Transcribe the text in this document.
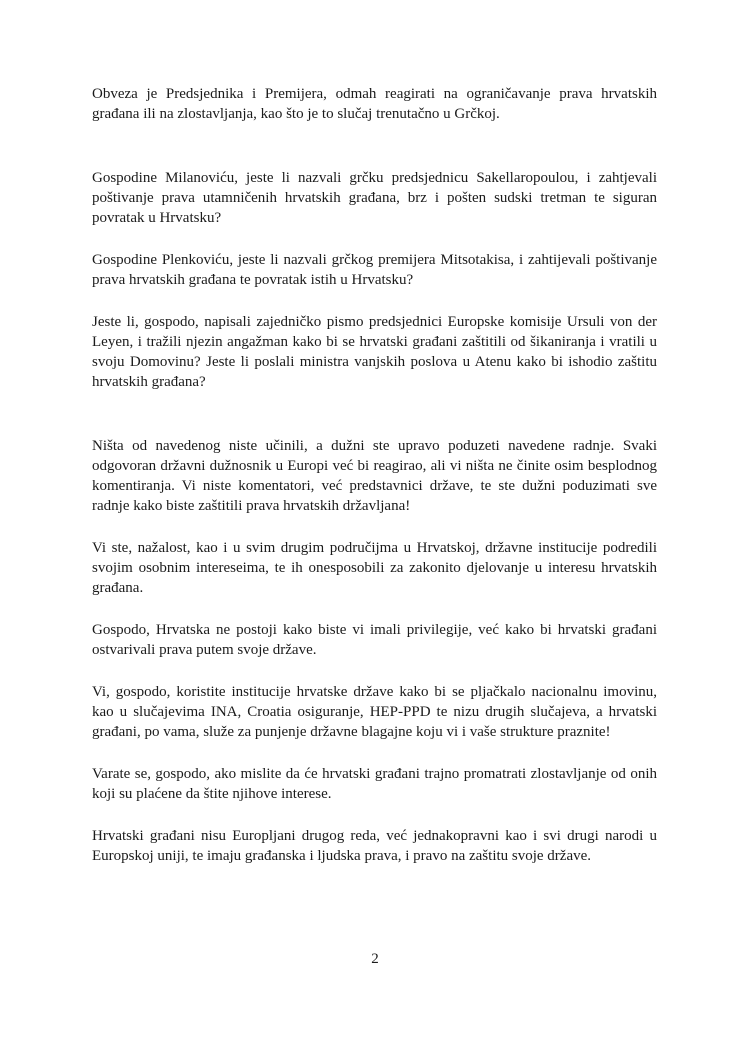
Obveza je Predsjednika i Premijera, odmah reagirati na ograničavanje prava hrvatskih građana ili na zlostavljanja, kao što je to slučaj trenutačno u Grčkoj.

Gospodine Milanoviću, jeste li nazvali grčku predsjednicu Sakellaropoulou, i zahtjevali poštivanje prava utamničenih hrvatskih građana, brz i pošten sudski tretman te siguran povratak u Hrvatsku?

Gospodine Plenkoviću, jeste li nazvali grčkog premijera Mitsotakisa, i zahtijevali poštivanje prava hrvatskih građana te povratak istih u Hrvatsku?

Jeste li, gospodo, napisali zajedničko pismo predsjednici Europske komisije Ursuli von der Leyen, i tražili njezin angažman kako bi se hrvatski građani zaštitili od šikaniranja i vratili u svoju Domovinu? Jeste li poslali ministra vanjskih poslova u Atenu kako bi ishodio zaštitu hrvatskih građana?

Ništa od navedenog niste učinili, a dužni ste upravo poduzeti navedene radnje. Svaki odgovoran državni dužnosnik u Europi već bi reagirao, ali vi ništa ne činite osim besplodnog komentiranja. Vi niste komentatori, već predstavnici države, te ste dužni poduzimati sve radnje kako biste zaštitili prava hrvatskih državljana!

Vi ste, nažalost, kao i u svim drugim područijma u Hrvatskoj, državne institucije podredili svojim osobnim intereseima, te ih onesposobili za zakonito djelovanje u interesu hrvatskih građana.

Gospodo, Hrvatska ne postoji kako biste vi imali privilegije, već kako bi hrvatski građani ostvarivali prava putem svoje države.

Vi, gospodo, koristite institucije hrvatske države kako bi se pljačkalo nacionalnu imovinu, kao u slučajevima INA, Croatia osiguranje, HEP-PPD te nizu drugih slučajeva, a hrvatski građani, po vama, služe za punjenje državne blagajne koju vi i vaše strukture praznite!

Varate se, gospodo, ako mislite da će hrvatski građani trajno promatrati zlostavljanje od onih koji su plaćene da štite njihove interese.

Hrvatski građani nisu Europljani drugog reda, već jednakopravni kao i svi drugi narodi u Europskoj uniji, te imaju građanska i ljudska prava, i pravo na zaštitu svoje države.

2
